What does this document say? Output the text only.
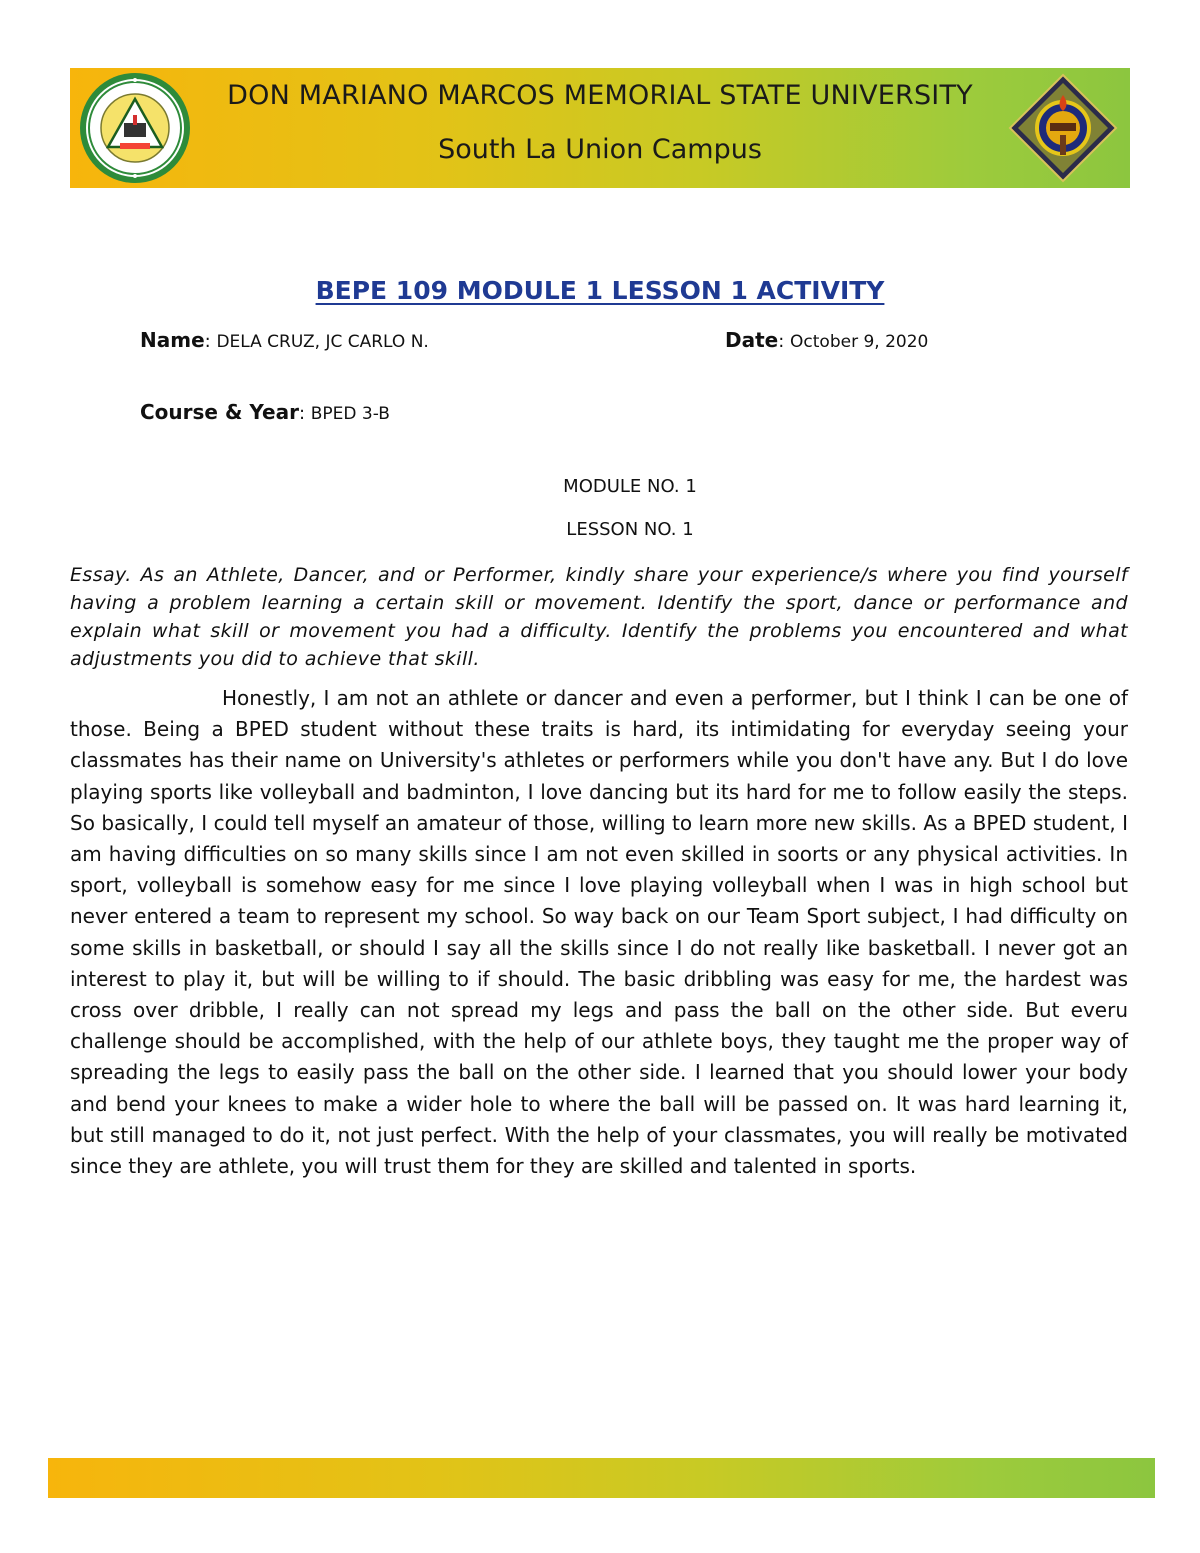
DON MARIANO MARCOS MEMORIAL STATE UNIVERSITY
South La Union Campus
BEPE 109 MODULE 1 LESSON 1 ACTIVITY
Name: DELA CRUZ, JC CARLO N.	Date: October 9, 2020
Course & Year: BPED 3-B
MODULE NO. 1
LESSON NO. 1
Essay. As an Athlete, Dancer, and or Performer, kindly share your experience/s where you find yourself having a problem learning a certain skill or movement. Identify the sport, dance or performance and explain what skill or movement you had a difficulty. Identify the problems you encountered and what adjustments you did to achieve that skill.

Honestly, I am not an athlete or dancer and even a performer, but I think I can be one of those. Being a BPED student without these traits is hard, its intimidating for everyday seeing your classmates has their name on University's athletes or performers while you don't have any. But I do love playing sports like volleyball and badminton, I love dancing but its hard for me to follow easily the steps. So basically, I could tell myself an amateur of those, willing to learn more new skills. As a BPED student, I am having difficulties on so many skills since I am not even skilled in soorts or any physical activities. In sport, volleyball is somehow easy for me since I love playing volleyball when I was in high school but never entered a team to represent my school. So way back on our Team Sport subject, I had difficulty on some skills in basketball, or should I say all the skills since I do not really like basketball. I never got an interest to play it, but will be willing to if should. The basic dribbling was easy for me, the hardest was cross over dribble, I really can not spread my legs and pass the ball on the other side. But everu challenge should be accomplished, with the help of our athlete boys, they taught me the proper way of spreading the legs to easily pass the ball on the other side. I learned that you should lower your body and bend your knees to make a wider hole to where the ball will be passed on. It was hard learning it, but still managed to do it, not just perfect. With the help of your classmates, you will really be motivated since they are athlete, you will trust them for they are skilled and talented in sports.
